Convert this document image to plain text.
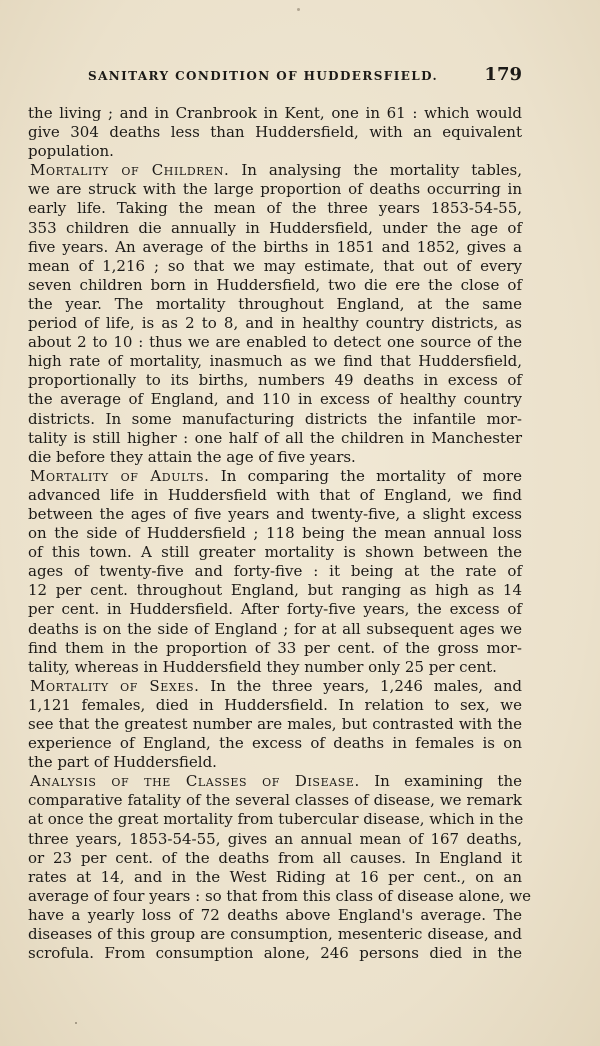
SANITARY CONDITION OF HUDDERSFIELD.	179
the living ; and in Cranbrook in Kent, one in 61 : which would
give 304 deaths less than Huddersfield, with an equivalent
population.
Mortality of Children. In analysing the mortality tables,
we are struck with the large proportion of deaths occurring in
early life. Taking the mean of the three years 1853-54-55,
353 children die annually in Huddersfield, under the age of
five years. An average of the births in 1851 and 1852, gives a
mean of 1,216 ; so that we may estimate, that out of every
seven children born in Huddersfield, two die ere the close of
the year. The mortality throughout England, at the same
period of life, is as 2 to 8, and in healthy country districts, as
about 2 to 10 : thus we are enabled to detect one source of the
high rate of mortality, inasmuch as we find that Huddersfield,
proportionally to its births, numbers 49 deaths in excess of
the average of England, and 110 in excess of healthy country
districts. In some manufacturing districts the infantile mor-
tality is still higher : one half of all the children in Manchester
die before they attain the age of five years.
Mortality of Adults. In comparing the mortality of more
advanced life in Huddersfield with that of England, we find
between the ages of five years and twenty-five, a slight excess
on the side of Huddersfield ; 118 being the mean annual loss
of this town. A still greater mortality is shown between the
ages of twenty-five and forty-five : it being at the rate of
12 per cent. throughout England, but ranging as high as 14
per cent. in Huddersfield. After forty-five years, the excess of
deaths is on the side of England ; for at all subsequent ages we
find them in the proportion of 33 per cent. of the gross mor-
tality, whereas in Huddersfield they number only 25 per cent.
Mortality of Sexes. In the three years, 1,246 males, and
1,121 females, died in Huddersfield. In relation to sex, we
see that the greatest number are males, but contrasted with the
experience of England, the excess of deaths in females is on
the part of Huddersfield.
Analysis of the Classes of Disease. In examining the
comparative fatality of the several classes of disease, we remark
at once the great mortality from tubercular disease, which in the
three years, 1853-54-55, gives an annual mean of 167 deaths,
or 23 per cent. of the deaths from all causes. In England it
rates at 14, and in the West Riding at 16 per cent., on an
average of four years : so that from this class of disease alone, we
have a yearly loss of 72 deaths above England's average. The
diseases of this group are consumption, mesenteric disease, and
scrofula. From consumption alone, 246 persons died in the
